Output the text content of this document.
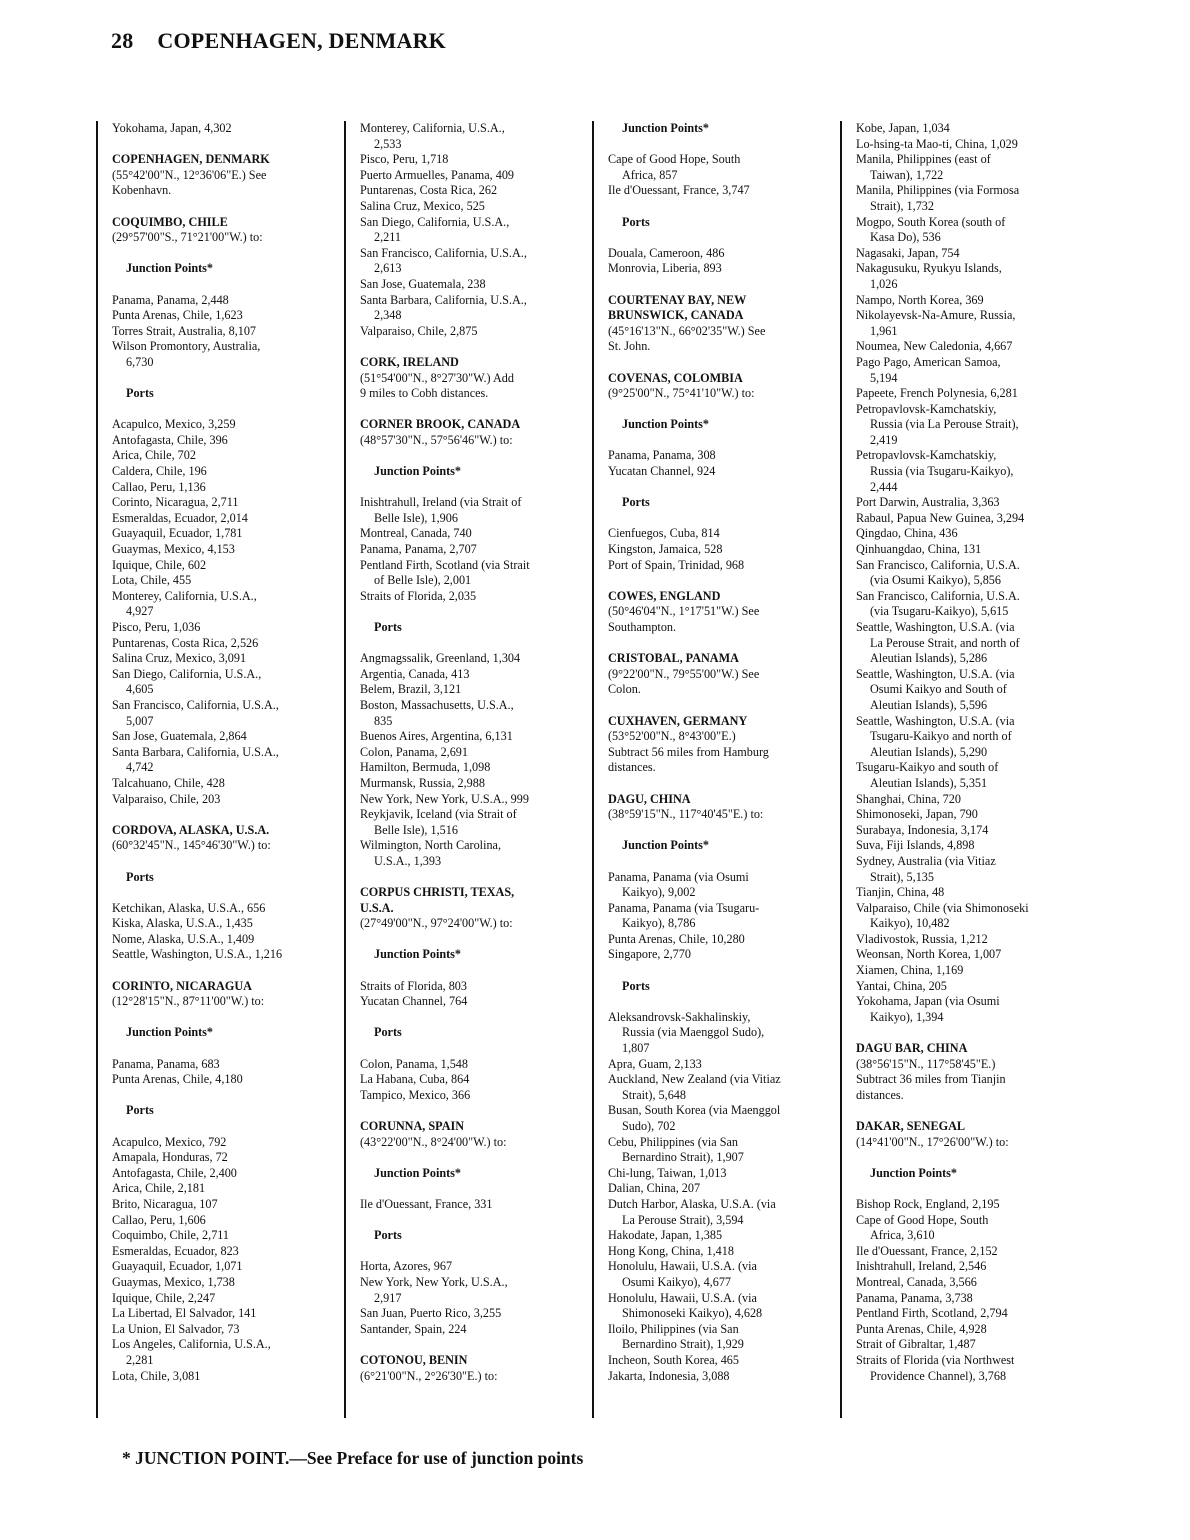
28 COPENHAGEN, DENMARK
Yokohama, Japan, 4,302
COPENHAGEN, DENMARK
(55°42'00"N., 12°36'06"E.) See
Kobenhavn.
COQUIMBO, CHILE
(29°57'00"S., 71°21'00"W.) to:
Junction Points*
Panama, Panama, 2,448
Punta Arenas, Chile, 1,623
Torres Strait, Australia, 8,107
Wilson Promontory, Australia,
6,730
Ports
Acapulco, Mexico, 3,259
Antofagasta, Chile, 396
Arica, Chile, 702
Caldera, Chile, 196
Callao, Peru, 1,136
Corinto, Nicaragua, 2,711
Esmeraldas, Ecuador, 2,014
Guayaquil, Ecuador, 1,781
Guaymas, Mexico, 4,153
Iquique, Chile, 602
Lota, Chile, 455
Monterey, California, U.S.A.,
4,927
Pisco, Peru, 1,036
Puntarenas, Costa Rica, 2,526
Salina Cruz, Mexico, 3,091
San Diego, California, U.S.A.,
4,605
San Francisco, California, U.S.A.,
5,007
San Jose, Guatemala, 2,864
Santa Barbara, California, U.S.A.,
4,742
Talcahuano, Chile, 428
Valparaiso, Chile, 203
CORDOVA, ALASKA, U.S.A.
(60°32'45"N., 145°46'30"W.) to:
Ports
Ketchikan, Alaska, U.S.A., 656
Kiska, Alaska, U.S.A., 1,435
Nome, Alaska, U.S.A., 1,409
Seattle, Washington, U.S.A., 1,216
CORINTO, NICARAGUA
(12°28'15"N., 87°11'00"W.) to:
Junction Points*
Panama, Panama, 683
Punta Arenas, Chile, 4,180
Ports
Acapulco, Mexico, 792
Amapala, Honduras, 72
Antofagasta, Chile, 2,400
Arica, Chile, 2,181
Brito, Nicaragua, 107
Callao, Peru, 1,606
Coquimbo, Chile, 2,711
Esmeraldas, Ecuador, 823
Guayaquil, Ecuador, 1,071
Guaymas, Mexico, 1,738
Iquique, Chile, 2,247
La Libertad, El Salvador, 141
La Union, El Salvador, 73
Los Angeles, California, U.S.A.,
2,281
Lota, Chile, 3,081
Monterey, California, U.S.A.,
2,533
Pisco, Peru, 1,718
Puerto Armuelles, Panama, 409
Puntarenas, Costa Rica, 262
Salina Cruz, Mexico, 525
San Diego, California, U.S.A.,
2,211
San Francisco, California, U.S.A.,
2,613
San Jose, Guatemala, 238
Santa Barbara, California, U.S.A.,
2,348
Valparaiso, Chile, 2,875
CORK, IRELAND
(51°54'00"N., 8°27'30"W.) Add
9 miles to Cobh distances.
CORNER BROOK, CANADA
(48°57'30"N., 57°56'46"W.) to:
Junction Points*
Inishtrahull, Ireland (via Strait of
Belle Isle), 1,906
Montreal, Canada, 740
Panama, Panama, 2,707
Pentland Firth, Scotland (via Strait
of Belle Isle), 2,001
Straits of Florida, 2,035
Ports
Angmagssalik, Greenland, 1,304
Argentia, Canada, 413
Belem, Brazil, 3,121
Boston, Massachusetts, U.S.A.,
835
Buenos Aires, Argentina, 6,131
Colon, Panama, 2,691
Hamilton, Bermuda, 1,098
Murmansk, Russia, 2,988
New York, New York, U.S.A., 999
Reykjavik, Iceland (via Strait of
Belle Isle), 1,516
Wilmington, North Carolina,
U.S.A., 1,393
CORPUS CHRISTI, TEXAS,
U.S.A.
(27°49'00"N., 97°24'00"W.) to:
Junction Points*
Straits of Florida, 803
Yucatan Channel, 764
Ports
Colon, Panama, 1,548
La Habana, Cuba, 864
Tampico, Mexico, 366
CORUNNA, SPAIN
(43°22'00"N., 8°24'00"W.) to:
Junction Points*
Ile d'Ouessant, France, 331
Ports
Horta, Azores, 967
New York, New York, U.S.A.,
2,917
San Juan, Puerto Rico, 3,255
Santander, Spain, 224
COTONOU, BENIN
(6°21'00"N., 2°26'30"E.) to:
Junction Points*
Cape of Good Hope, South
Africa, 857
Ile d'Ouessant, France, 3,747
Ports
Douala, Cameroon, 486
Monrovia, Liberia, 893
COURTENAY BAY, NEW
BRUNSWICK, CANADA
(45°16'13"N., 66°02'35"W.) See
St. John.
COVENAS, COLOMBIA
(9°25'00"N., 75°41'10"W.) to:
Junction Points*
Panama, Panama, 308
Yucatan Channel, 924
Ports
Cienfuegos, Cuba, 814
Kingston, Jamaica, 528
Port of Spain, Trinidad, 968
COWES, ENGLAND
(50°46'04"N., 1°17'51"W.) See
Southampton.
CRISTOBAL, PANAMA
(9°22'00"N., 79°55'00"W.) See
Colon.
CUXHAVEN, GERMANY
(53°52'00"N., 8°43'00"E.)
Subtract 56 miles from Hamburg
distances.
DAGU, CHINA
(38°59'15"N., 117°40'45"E.) to:
Junction Points*
Panama, Panama (via Osumi
Kaikyo), 9,002
Panama, Panama (via Tsugaru-
Kaikyo), 8,786
Punta Arenas, Chile, 10,280
Singapore, 2,770
Ports
Aleksandrovsk-Sakhalinskiy,
Russia (via Maenggol Sudo),
1,807
Apra, Guam, 2,133
Auckland, New Zealand (via Vitiaz
Strait), 5,648
Busan, South Korea (via Maenggol
Sudo), 702
Cebu, Philippines (via San
Bernardino Strait), 1,907
Chi-lung, Taiwan, 1,013
Dalian, China, 207
Dutch Harbor, Alaska, U.S.A. (via
La Perouse Strait), 3,594
Hakodate, Japan, 1,385
Hong Kong, China, 1,418
Honolulu, Hawaii, U.S.A. (via
Osumi Kaikyo), 4,677
Honolulu, Hawaii, U.S.A. (via
Shimonoseki Kaikyo), 4,628
Iloilo, Philippines (via San
Bernardino Strait), 1,929
Incheon, South Korea, 465
Jakarta, Indonesia, 3,088
Kobe, Japan, 1,034
Lo-hsing-ta Mao-ti, China, 1,029
Manila, Philippines (east of
Taiwan), 1,722
Manila, Philippines (via Formosa
Strait), 1,732
Mogpo, South Korea (south of
Kasa Do), 536
Nagasaki, Japan, 754
Nakagusuku, Ryukyu Islands,
1,026
Nampo, North Korea, 369
Nikolayevsk-Na-Amure, Russia,
1,961
Noumea, New Caledonia, 4,667
Pago Pago, American Samoa,
5,194
Papeete, French Polynesia, 6,281
Petropavlovsk-Kamchatskiy,
Russia (via La Perouse Strait),
2,419
Petropavlovsk-Kamchatskiy,
Russia (via Tsugaru-Kaikyo),
2,444
Port Darwin, Australia, 3,363
Rabaul, Papua New Guinea, 3,294
Qingdao, China, 436
Qinhuangdao, China, 131
San Francisco, California, U.S.A.
(via Osumi Kaikyo), 5,856
San Francisco, California, U.S.A.
(via Tsugaru-Kaikyo), 5,615
Seattle, Washington, U.S.A. (via
La Perouse Strait, and north of
Aleutian Islands), 5,286
Seattle, Washington, U.S.A. (via
Osumi Kaikyo and South of
Aleutian Islands), 5,596
Seattle, Washington, U.S.A. (via
Tsugaru-Kaikyo and north of
Aleutian Islands), 5,290
Tsugaru-Kaikyo and south of
Aleutian Islands), 5,351
Shanghai, China, 720
Shimonoseki, Japan, 790
Surabaya, Indonesia, 3,174
Suva, Fiji Islands, 4,898
Sydney, Australia (via Vitiaz
Strait), 5,135
Tianjin, China, 48
Valparaiso, Chile (via Shimonoseki
Kaikyo), 10,482
Vladivostok, Russia, 1,212
Weonsan, North Korea, 1,007
Xiamen, China, 1,169
Yantai, China, 205
Yokohama, Japan (via Osumi
Kaikyo), 1,394
DAGU BAR, CHINA
(38°56'15"N., 117°58'45"E.)
Subtract 36 miles from Tianjin
distances.
DAKAR, SENEGAL
(14°41'00"N., 17°26'00"W.) to:
Junction Points*
Bishop Rock, England, 2,195
Cape of Good Hope, South
Africa, 3,610
Ile d'Ouessant, France, 2,152
Inishtrahull, Ireland, 2,546
Montreal, Canada, 3,566
Panama, Panama, 3,738
Pentland Firth, Scotland, 2,794
Punta Arenas, Chile, 4,928
Strait of Gibraltar, 1,487
Straits of Florida (via Northwest
Providence Channel), 3,768
* JUNCTION POINT.—See Preface for use of junction points
